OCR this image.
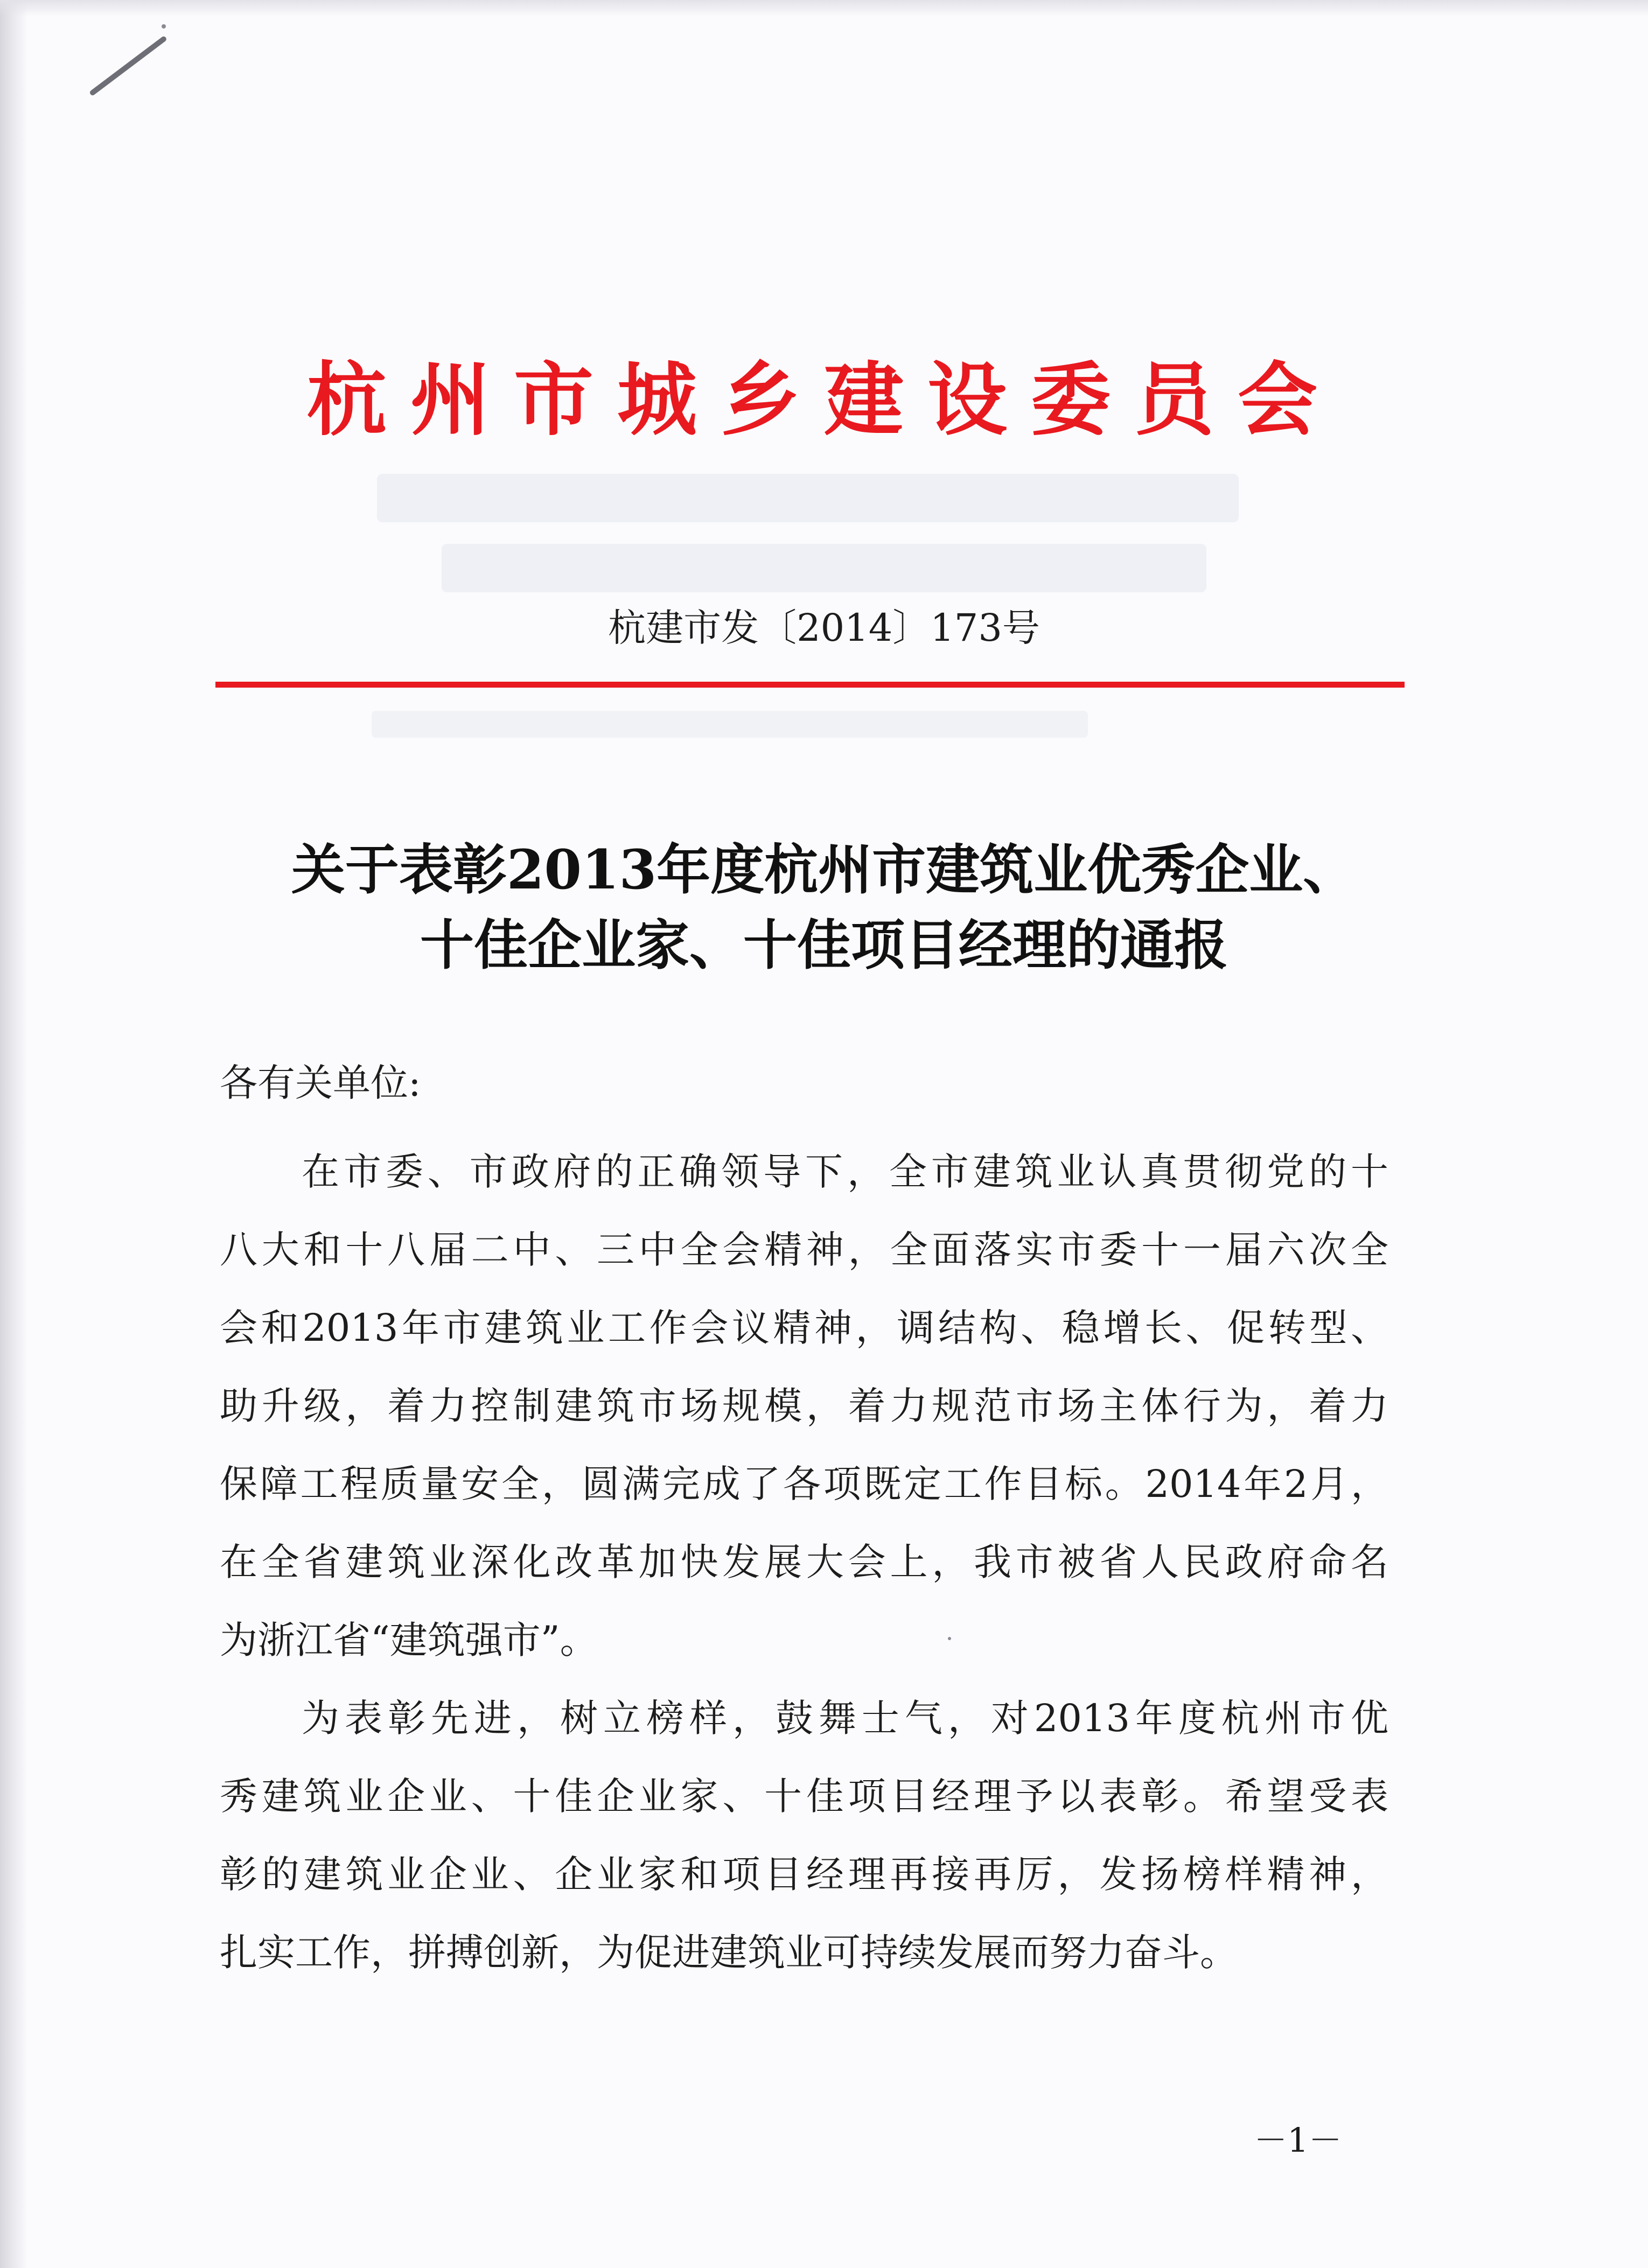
杭州市城乡建设委员会
杭建市发〔2014〕173号
关于表彰2013年度杭州市建筑业优秀企业、
十佳企业家、十佳项目经理的通报
各有关单位:
在市委、市政府的正确领导下，全市建筑业认真贯彻党的十
八大和十八届二中、三中全会精神，全面落实市委十一届六次全
会和2013年市建筑业工作会议精神，调结构、稳增长、促转型、
助升级，着力控制建筑市场规模，着力规范市场主体行为，着力
保障工程质量安全，圆满完成了各项既定工作目标。2014年2月，
在全省建筑业深化改革加快发展大会上，我市被省人民政府命名
为浙江省“建筑强市”。
为表彰先进，树立榜样，鼓舞士气，对2013年度杭州市优
秀建筑业企业、十佳企业家、十佳项目经理予以表彰。希望受表
彰的建筑业企业、企业家和项目经理再接再厉，发扬榜样精神，
扎实工作，拼搏创新，为促进建筑业可持续发展而努力奋斗。
－1－
